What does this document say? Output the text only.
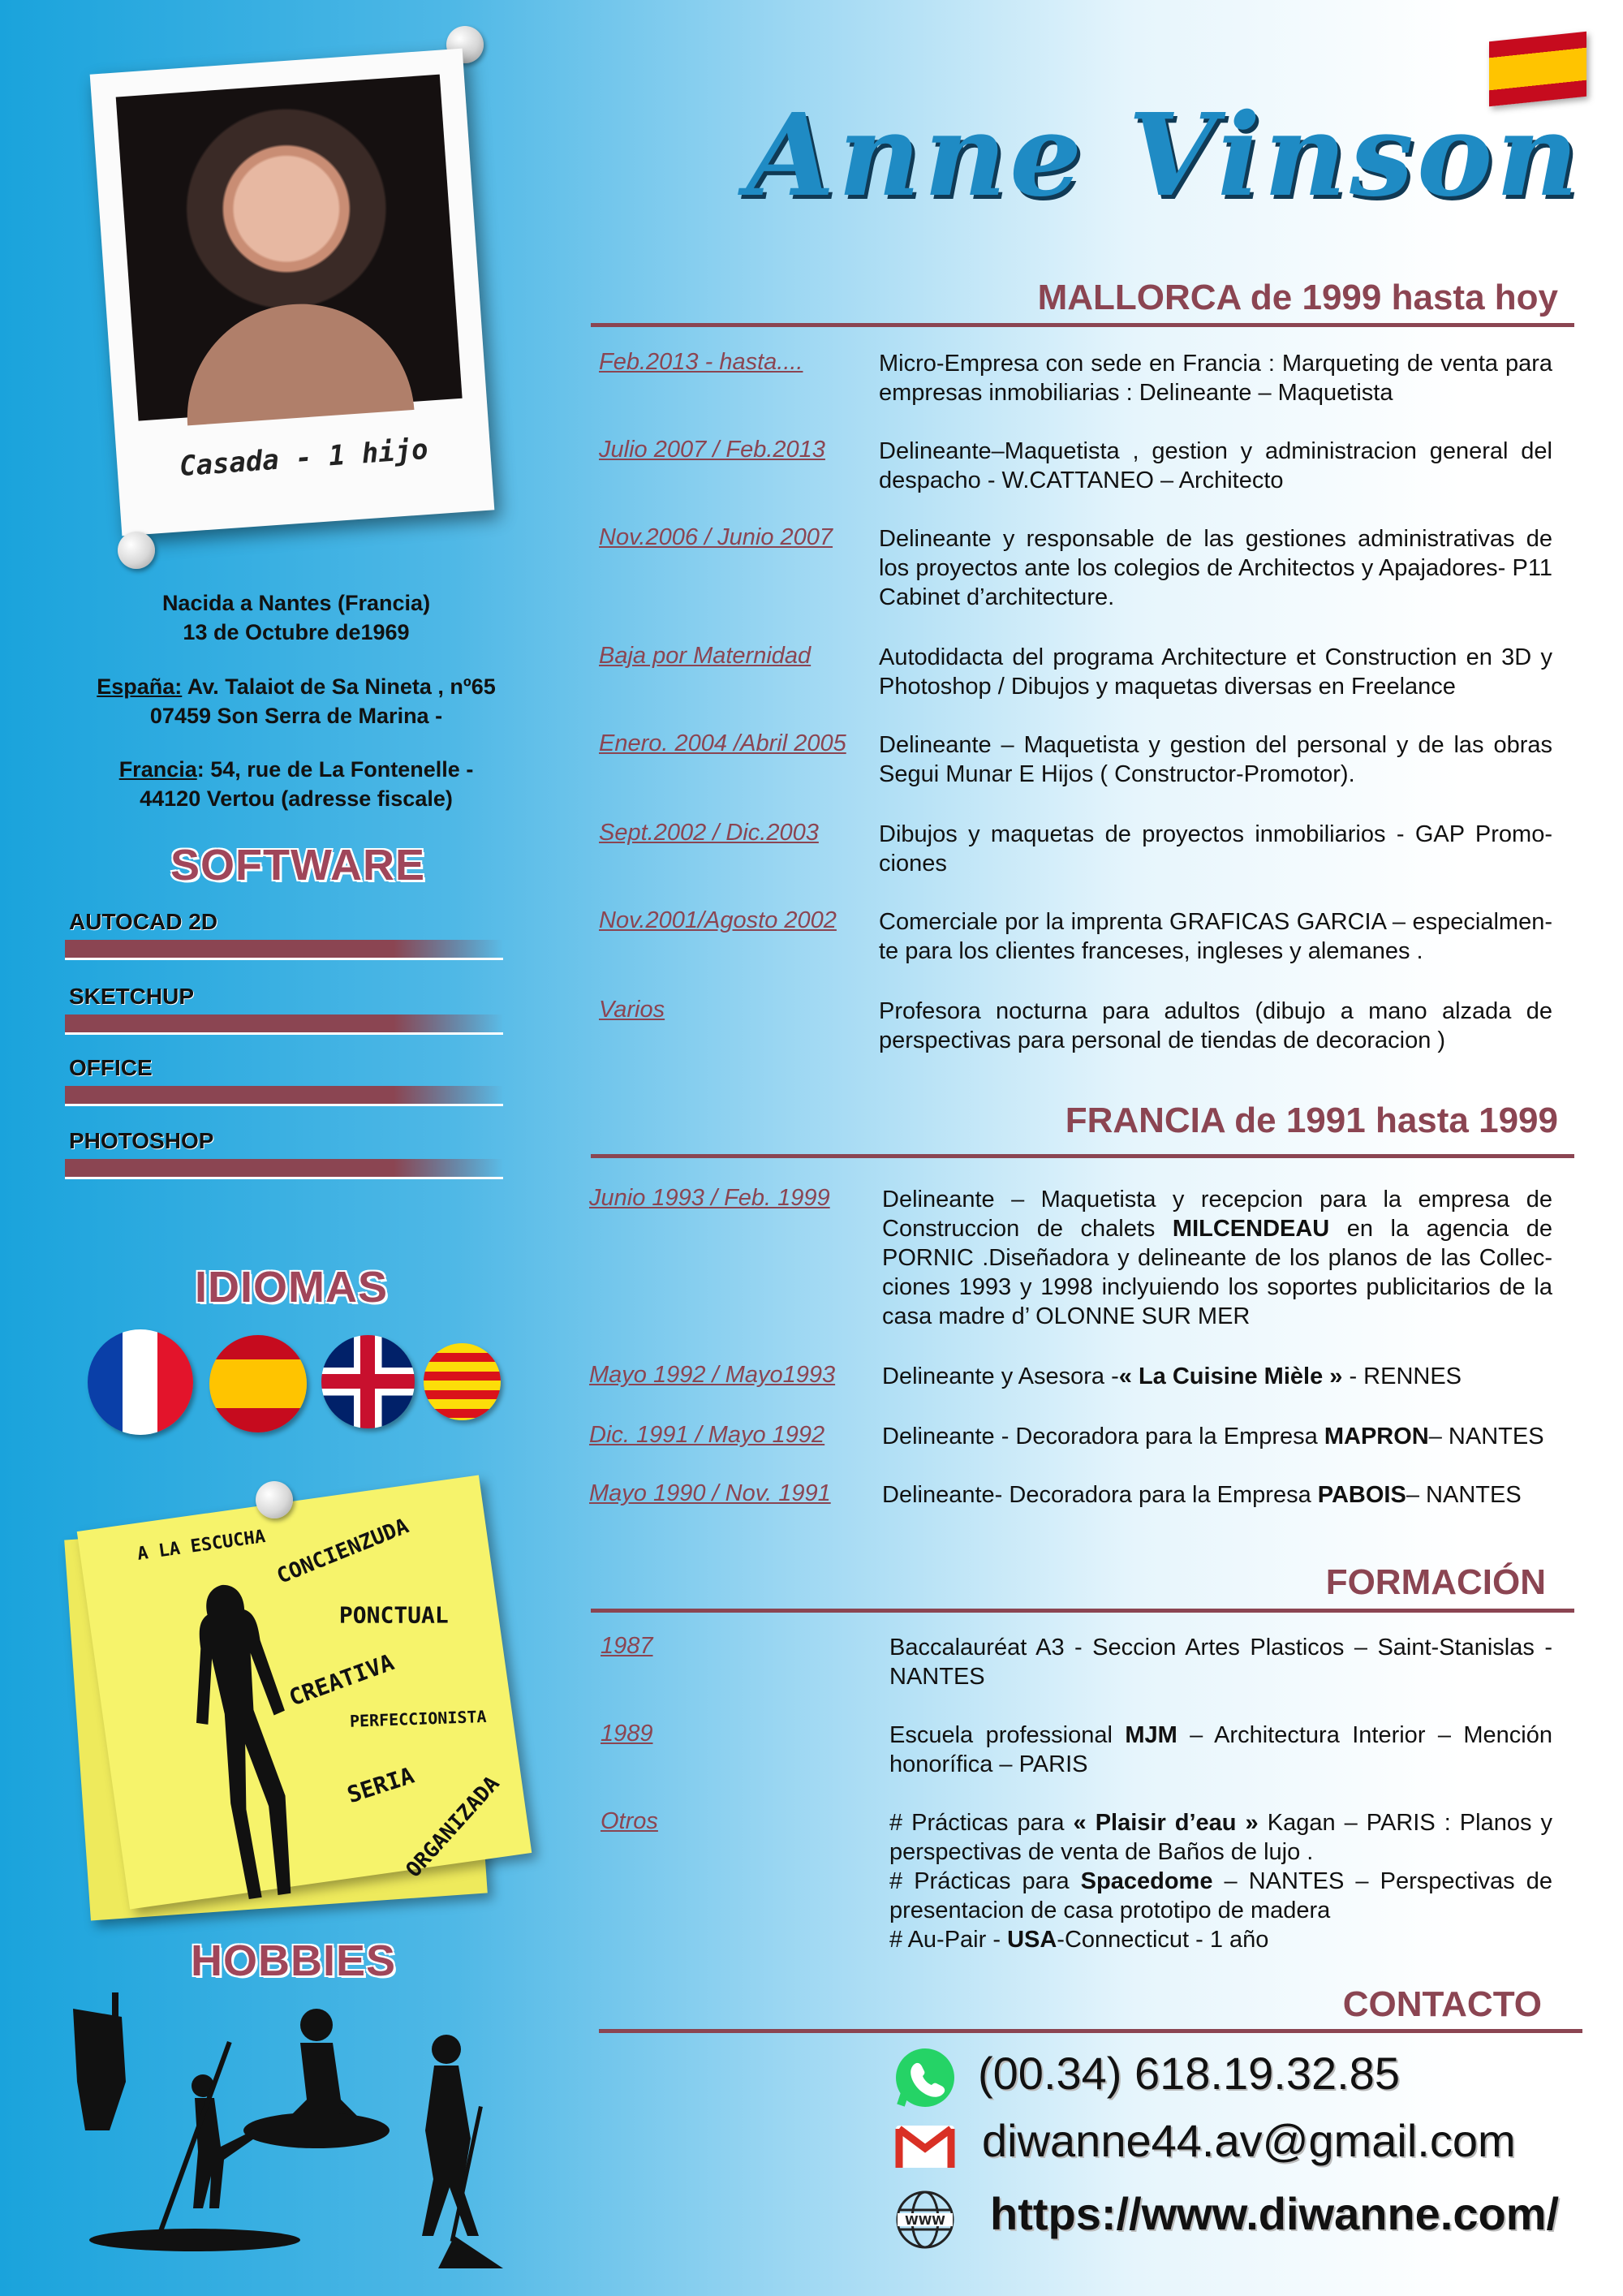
Casada - 1 hijo
Nacida a Nantes (Francia)
13 de Octubre de1969
España: Av. Talaiot de Sa Nineta , nº65
07459 Son Serra de Marina -
Francia: 54, rue de La Fontenelle -
44120 Vertou (adresse fiscale)
SOFTWARE
AUTOCAD 2D
SKETCHUP
OFFICE
PHOTOSHOP
IDIOMAS
A LA ESCUCHA CONCIENZUDA
PONCTUAL
CREATIVA
PERFECCIONISTA
SERIA
ORGANIZADA
HOBBIES
Anne Vinson
MALLORCA de 1999 hasta hoy
Feb.2013 - hasta....	Micro-Empresa con sede en Francia : Marqueting de venta para empresas inmobiliarias : Delineante – Maquetista
Julio 2007 / Feb.2013 Delineante–Maquetista , gestion y administracion general del despacho - W.CATTANEO – Architecto
Nov.2006 / Junio 2007 Delineante y responsable de las gestiones administrativas de los proyectos ante los colegios de Architectos y Apajadores- P11 Cabinet d’architecture.
Baja por Maternidad	Autodidacta del programa Architecture et Construction en 3D y Photoshop / Dibujos y maquetas diversas en Freelance
Enero. 2004 /Abril 2005 Delineante – Maquetista y gestion del personal y de las obras Segui Munar E Hijos ( Constructor-Promotor).
Sept.2002 / Dic.2003	Dibujos y maquetas de proyectos inmobiliarios - GAP Promo-ciones
Nov.2001/Agosto 2002 Comerciale por la imprenta GRAFICAS GARCIA – especialmen-te para los clientes franceses, ingleses y alemanes .
Varios	Profesora nocturna para adultos (dibujo a mano alzada de perspectivas para personal de tiendas de decoracion )
FRANCIA de 1991 hasta 1999
Junio 1993 / Feb. 1999 Delineante – Maquetista y recepcion para la empresa de Construccion de chalets MILCENDEAU en la agencia de PORNIC .Diseñadora y delineante de los planos de las Collec-ciones 1993 y 1998 inclyuiendo los soportes publicitarios de la casa madre d’ OLONNE SUR MER
Mayo 1992 / Mayo1993 Delineante y Asesora -« La Cuisine Mièle » - RENNES
Dic. 1991 / Mayo 1992 Delineante - Decoradora para la Empresa MAPRON– NANTES
Mayo 1990 / Nov. 1991 Delineante- Decoradora para la Empresa PABOIS– NANTES
FORMACIÓN
1987	Baccalauréat A3 - Seccion Artes Plasticos – Saint-Stanislas - NANTES
1989	Escuela professional MJM – Architectura Interior – Mención honorífica – PARIS
Otros	# Prácticas para « Plaisir d’eau » Kagan – PARIS : Planos y perspectivas de venta de Baños de lujo .
# Prácticas para Spacedome – NANTES – Perspectivas de presentacion de casa prototipo de madera
# Au-Pair - USA-Connecticut - 1 año
CONTACTO
(00.34) 618.19.32.85
diwanne44.av@gmail.com
WWW https://www.diwanne.com/
